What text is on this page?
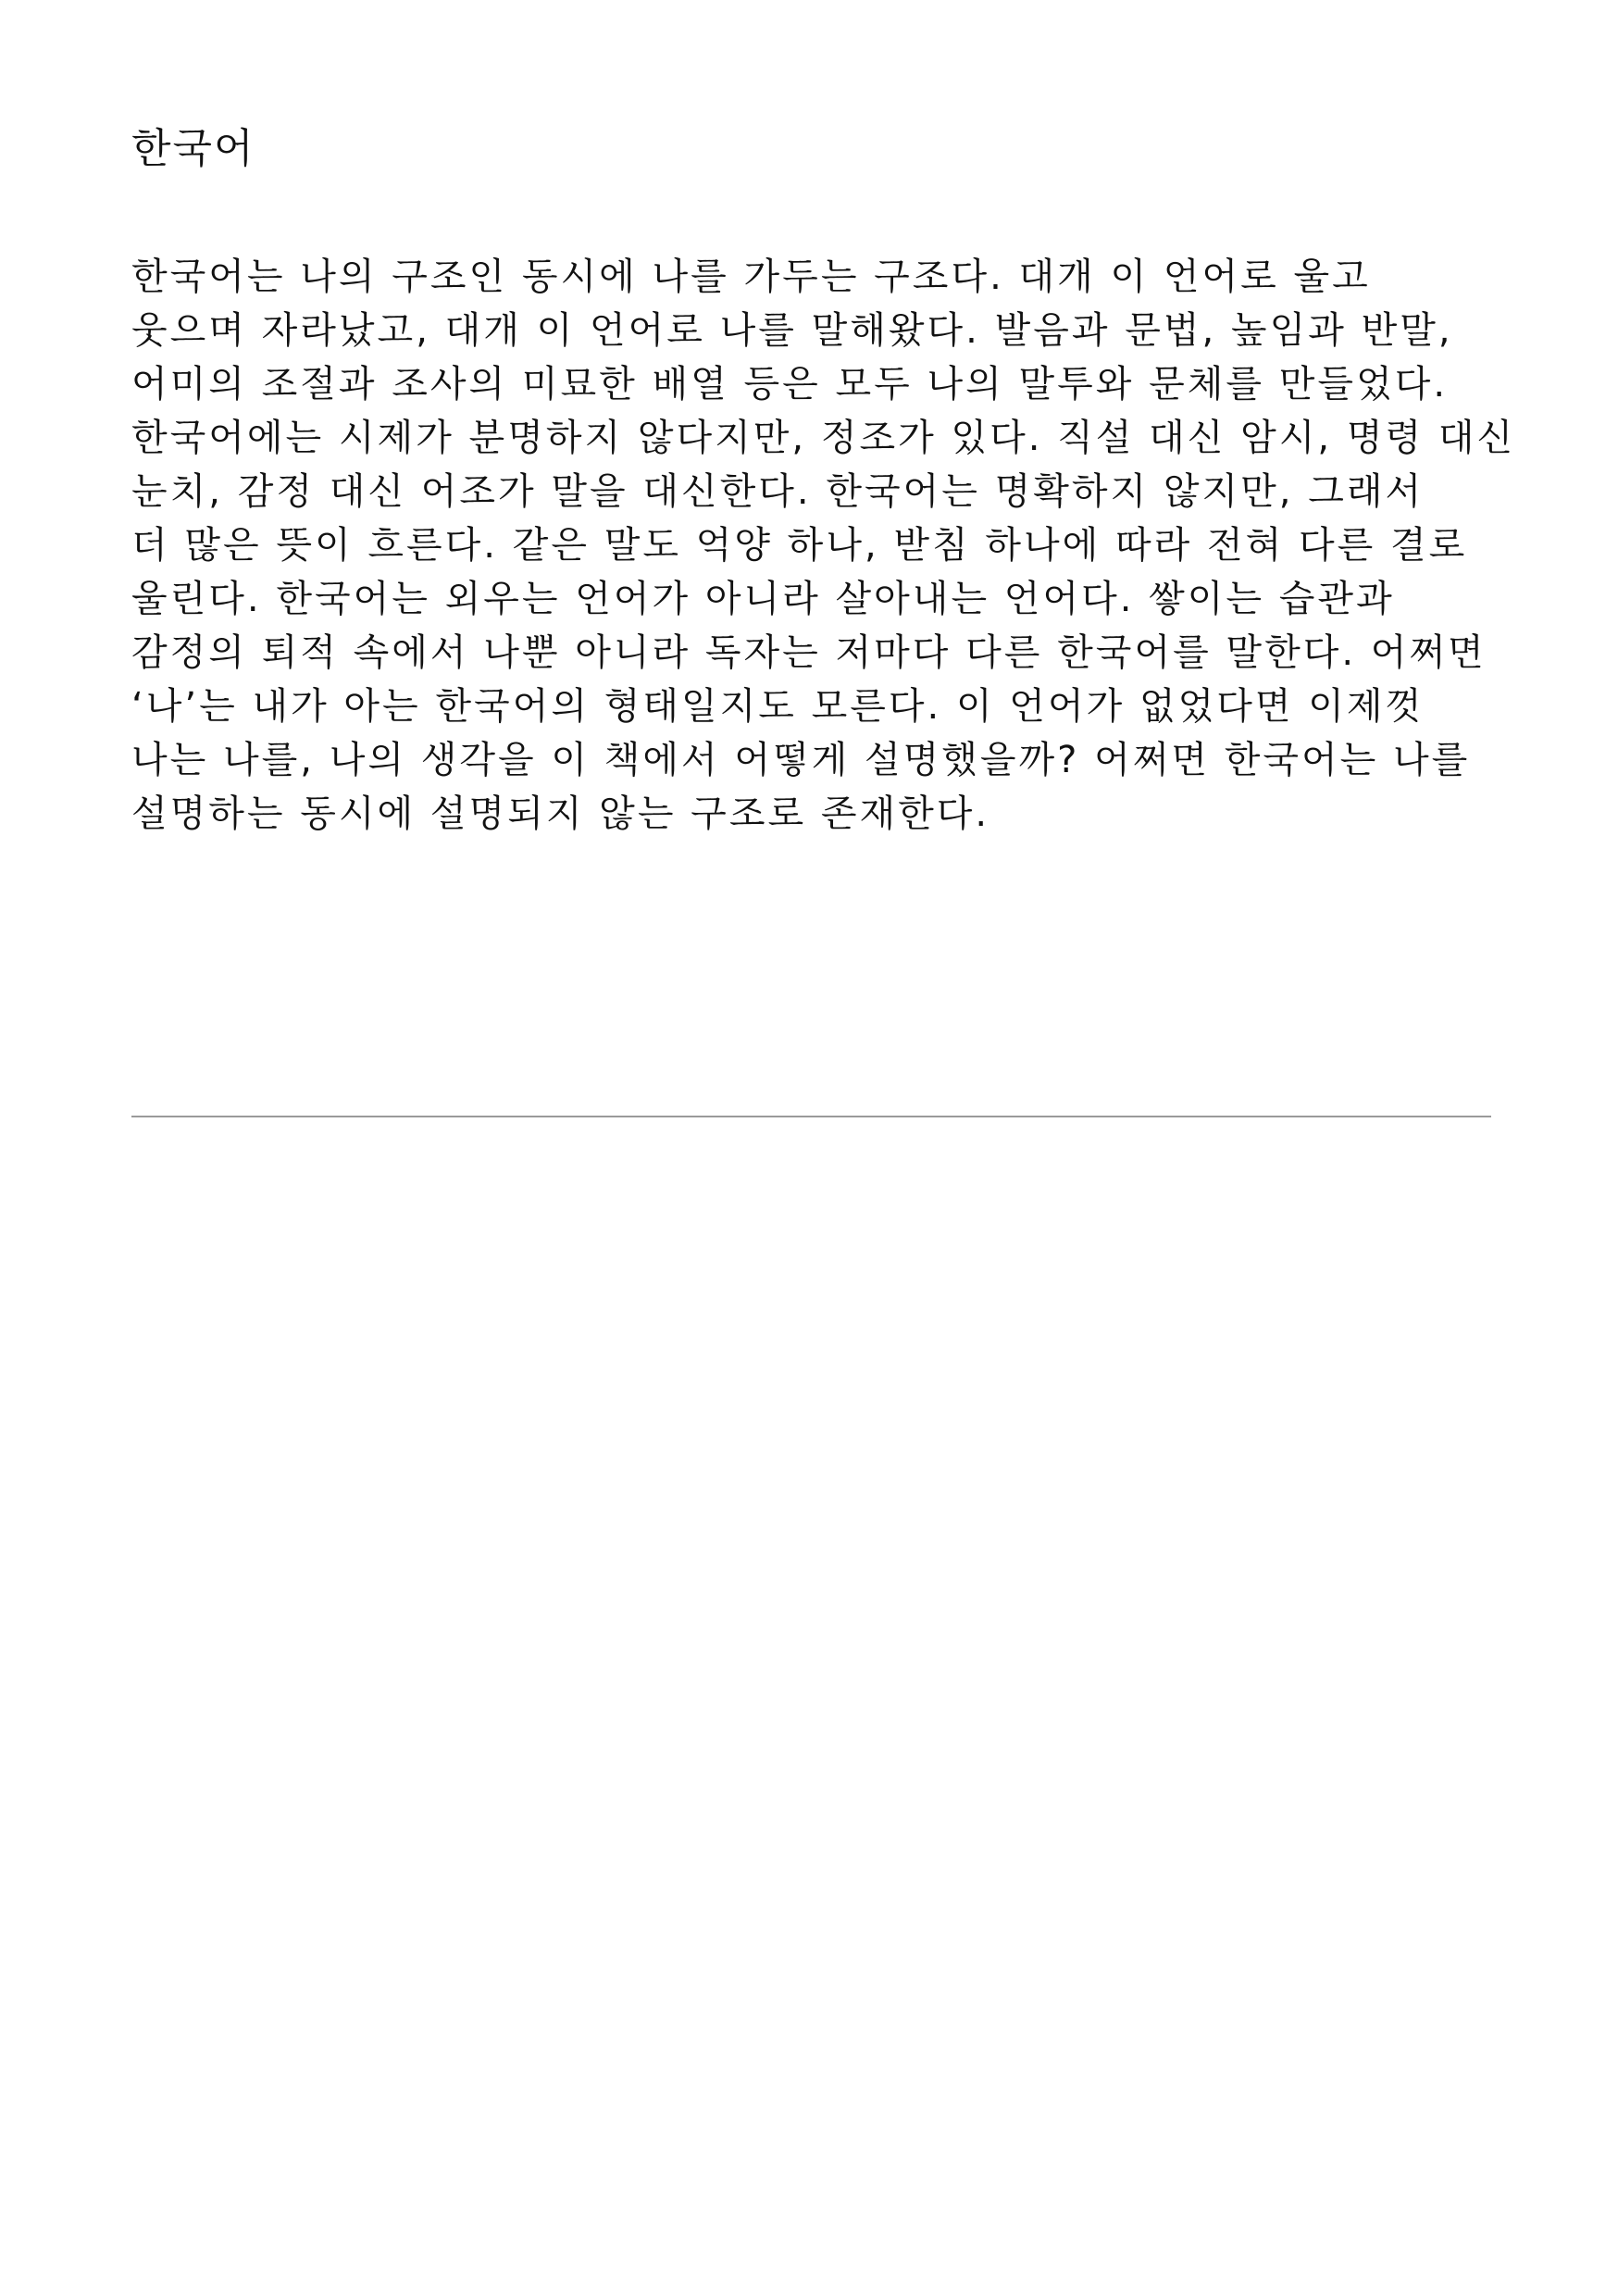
한국어
한국어는 나의 구조인 동시에 나를 가두는 구조다. 대개 이 언어로 울고
웃으며 자라났고, 대개 이 언어로 나를 말해왔다. 발음과 문법, 높임과 반말,
어미의 조절과 조사의 미묘한 배열 등은 모두 나의 말투와 문체를 만들었다.
한국어에는 시제가 분명하지 않다지만, 정조가 있다. 직설 대신 암시, 명령 대신
눈치, 감정 대신 어조가 말을 대신한다. 한국어는 명확하지 않지만, 그래서
더 많은 뜻이 흐른다. 같은 말도 억양 하나, 받침 하나에 따라 전혀 다른 결로
울린다. 한국어는 외우는 언어가 아니라 살아내는 언어다. 쌓이는 습관과
감정의 퇴적 속에서 나뿐 아니라 독자는 저마다 다른 한국어를 말한다. 어쩌면
‘나’는 내가 아는 한국어의 형태일지도 모른다. 이 언어가 없었다면 이제껏
나는 나를, 나의 생각을 이 책에서 어떻게 설명했을까? 어쩌면 한국어는 나를
설명하는 동시에 설명되지 않는 구조로 존재한다.
